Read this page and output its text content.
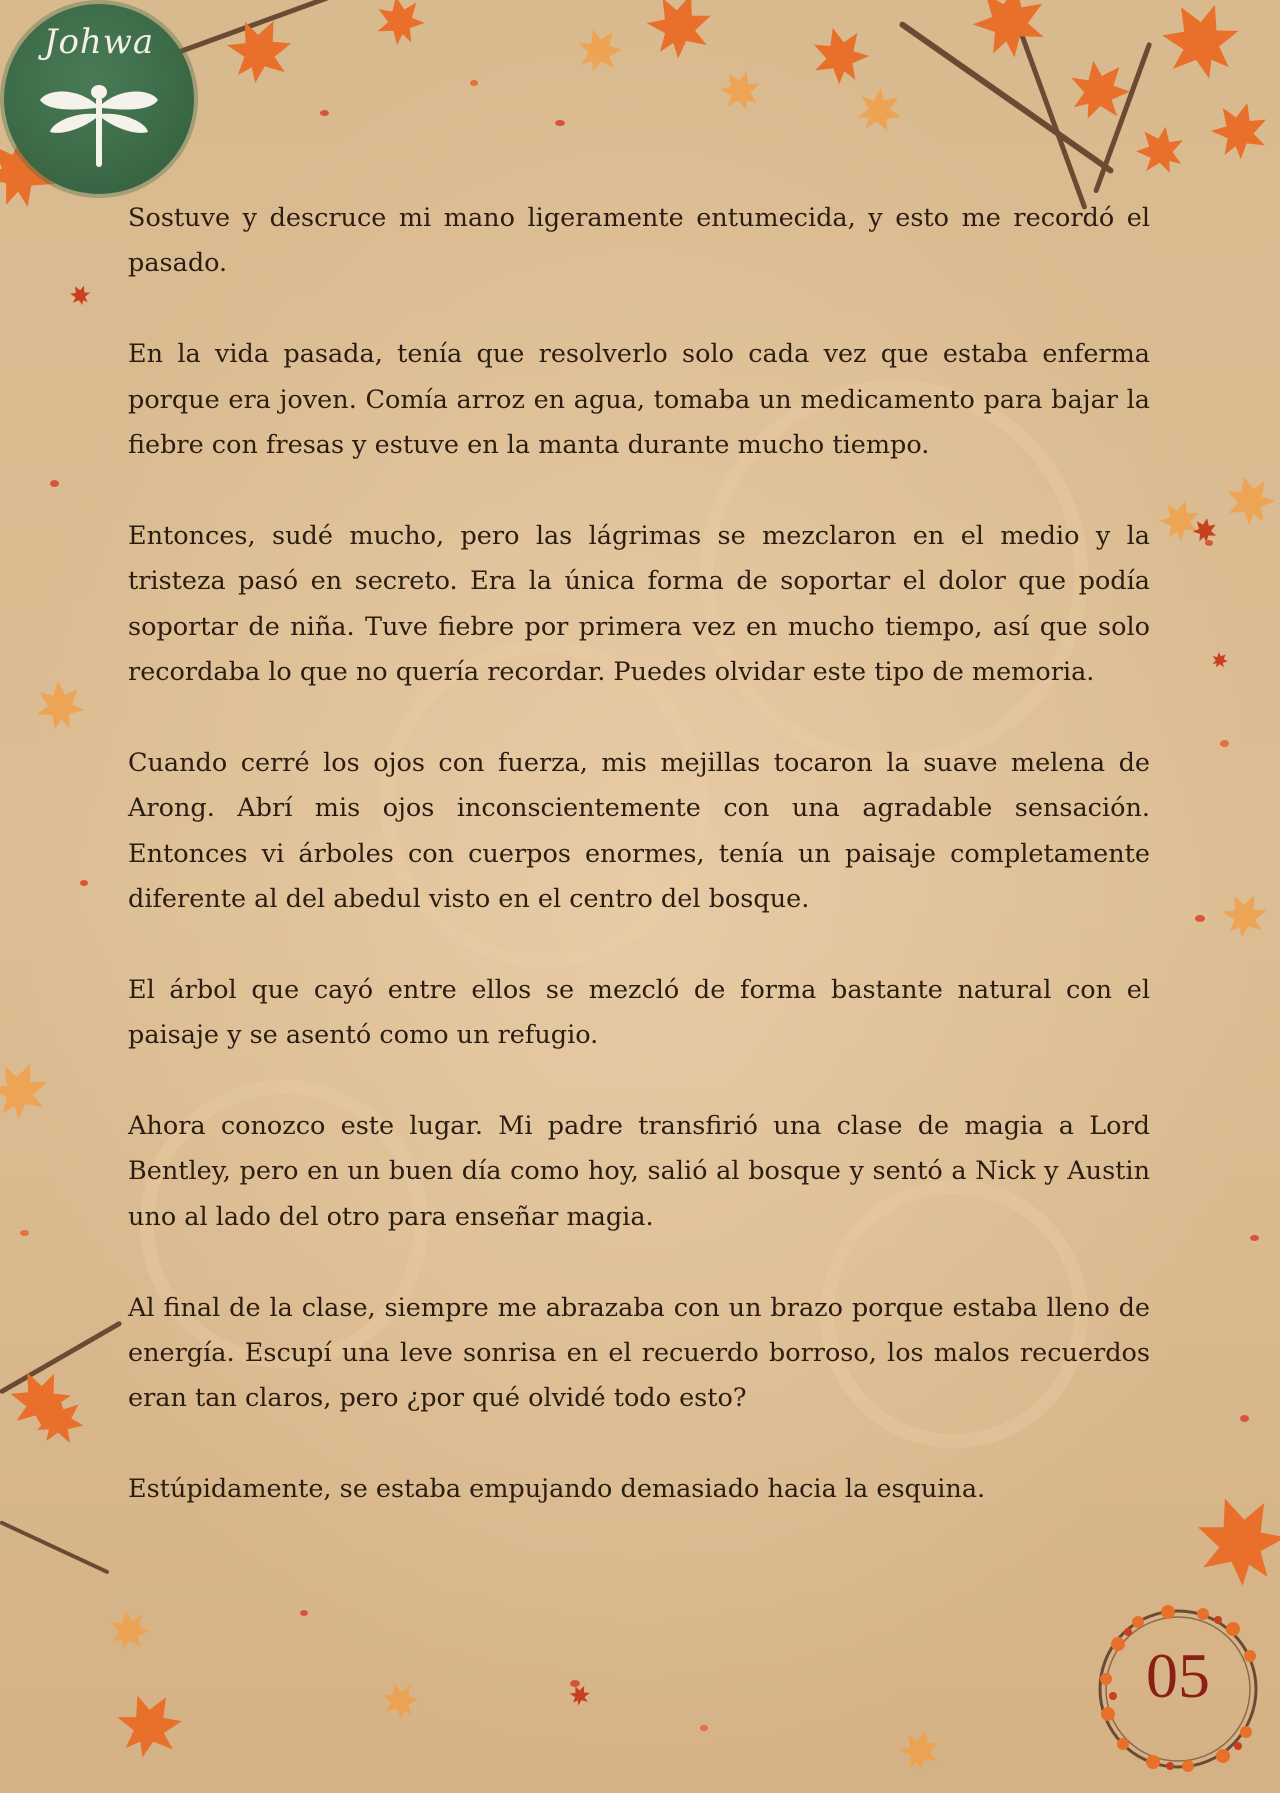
Johwa

Sostuve y descruce mi mano ligeramente entumecida, y esto me recordó el pasado.

En la vida pasada, tenía que resolverlo solo cada vez que estaba enferma porque era joven. Comía arroz en agua, tomaba un medicamento para bajar la fiebre con fresas y estuve en la manta durante mucho tiempo.

Entonces, sudé mucho, pero las lágrimas se mezclaron en el medio y la tristeza pasó en secreto. Era la única forma de soportar el dolor que podía soportar de niña. Tuve fiebre por primera vez en mucho tiempo, así que solo recordaba lo que no quería recordar. Puedes olvidar este tipo de memoria.

Cuando cerré los ojos con fuerza, mis mejillas tocaron la suave melena de Arong. Abrí mis ojos inconscientemente con una agradable sensación. Entonces vi árboles con cuerpos enormes, tenía un paisaje completamente diferente al del abedul visto en el centro del bosque.

El árbol que cayó entre ellos se mezcló de forma bastante natural con el paisaje y se asentó como un refugio.

Ahora conozco este lugar. Mi padre transfirió una clase de magia a Lord Bentley, pero en un buen día como hoy, salió al bosque y sentó a Nick y Austin uno al lado del otro para enseñar magia.

Al final de la clase, siempre me abrazaba con un brazo porque estaba lleno de energía. Escupí una leve sonrisa en el recuerdo borroso, los malos recuerdos eran tan claros, pero ¿por qué olvidé todo esto?

Estúpidamente, se estaba empujando demasiado hacia la esquina.

05
